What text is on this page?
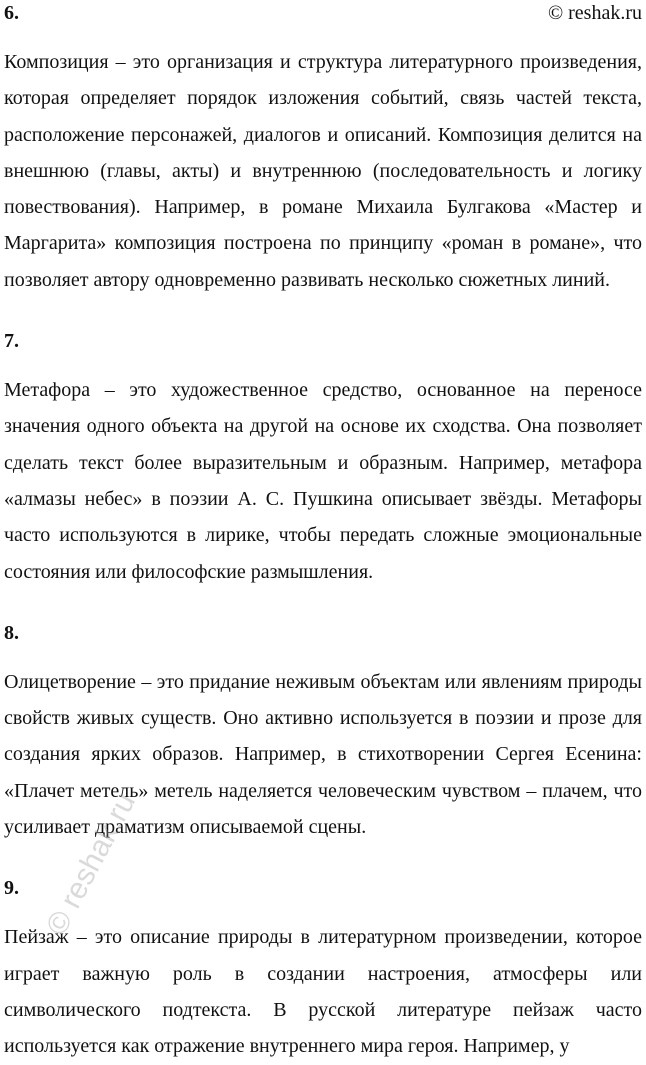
6.	© reshak.ru

Композиция – это организация и структура литературного произведения, которая определяет порядок изложения событий, связь частей текста, расположение персонажей, диалогов и описаний. Композиция делится на внешнюю (главы, акты) и внутреннюю (последовательность и логику повествования). Например, в романе Михаила Булгакова «Мастер и Маргарита» композиция построена по принципу «роман в романе», что позволяет автору одновременно развивать несколько сюжетных линий.

7.

Метафора – это художественное средство, основанное на переносе значения одного объекта на другой на основе их сходства. Она позволяет сделать текст более выразительным и образным. Например, метафора «алмазы небес» в поэзии А. С. Пушкина описывает звёзды. Метафоры часто используются в лирике, чтобы передать сложные эмоциональные состояния или философские размышления.

8.

Олицетворение – это придание неживым объектам или явлениям природы свойств живых существ. Оно активно используется в поэзии и прозе для создания ярких образов. Например, в стихотворении Сергея Есенина: «Плачет метель» метель наделяется человеческим чувством – плачем, что усиливает драматизм описываемой сцены.

9.

Пейзаж – это описание природы в литературном произведении, которое играет важную роль в создании настроения, атмосферы или символического подтекста. В русской литературе пейзаж часто используется как отражение внутреннего мира героя. Например, у

© reshak.ru
